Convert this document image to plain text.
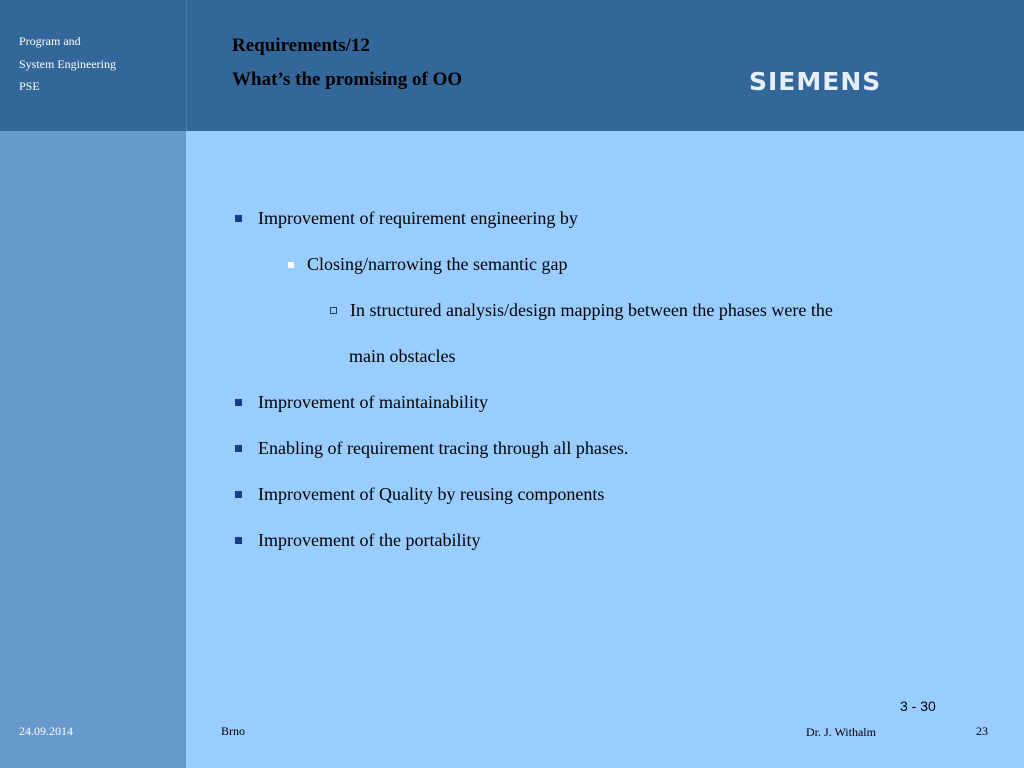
Program and
System Engineering
PSE
Requirements/12
What’s the promising of OO	SIEMENS
Improvement of requirement engineering by
Closing/narrowing the semantic gap
In structured analysis/design mapping between the phases were the
main obstacles
Improvement of maintainability
Enabling of requirement tracing through all phases.
Improvement of Quality by reusing components
Improvement of the portability
3 - 30
24.09.2014	Brno	Dr. J. Withalm	23
